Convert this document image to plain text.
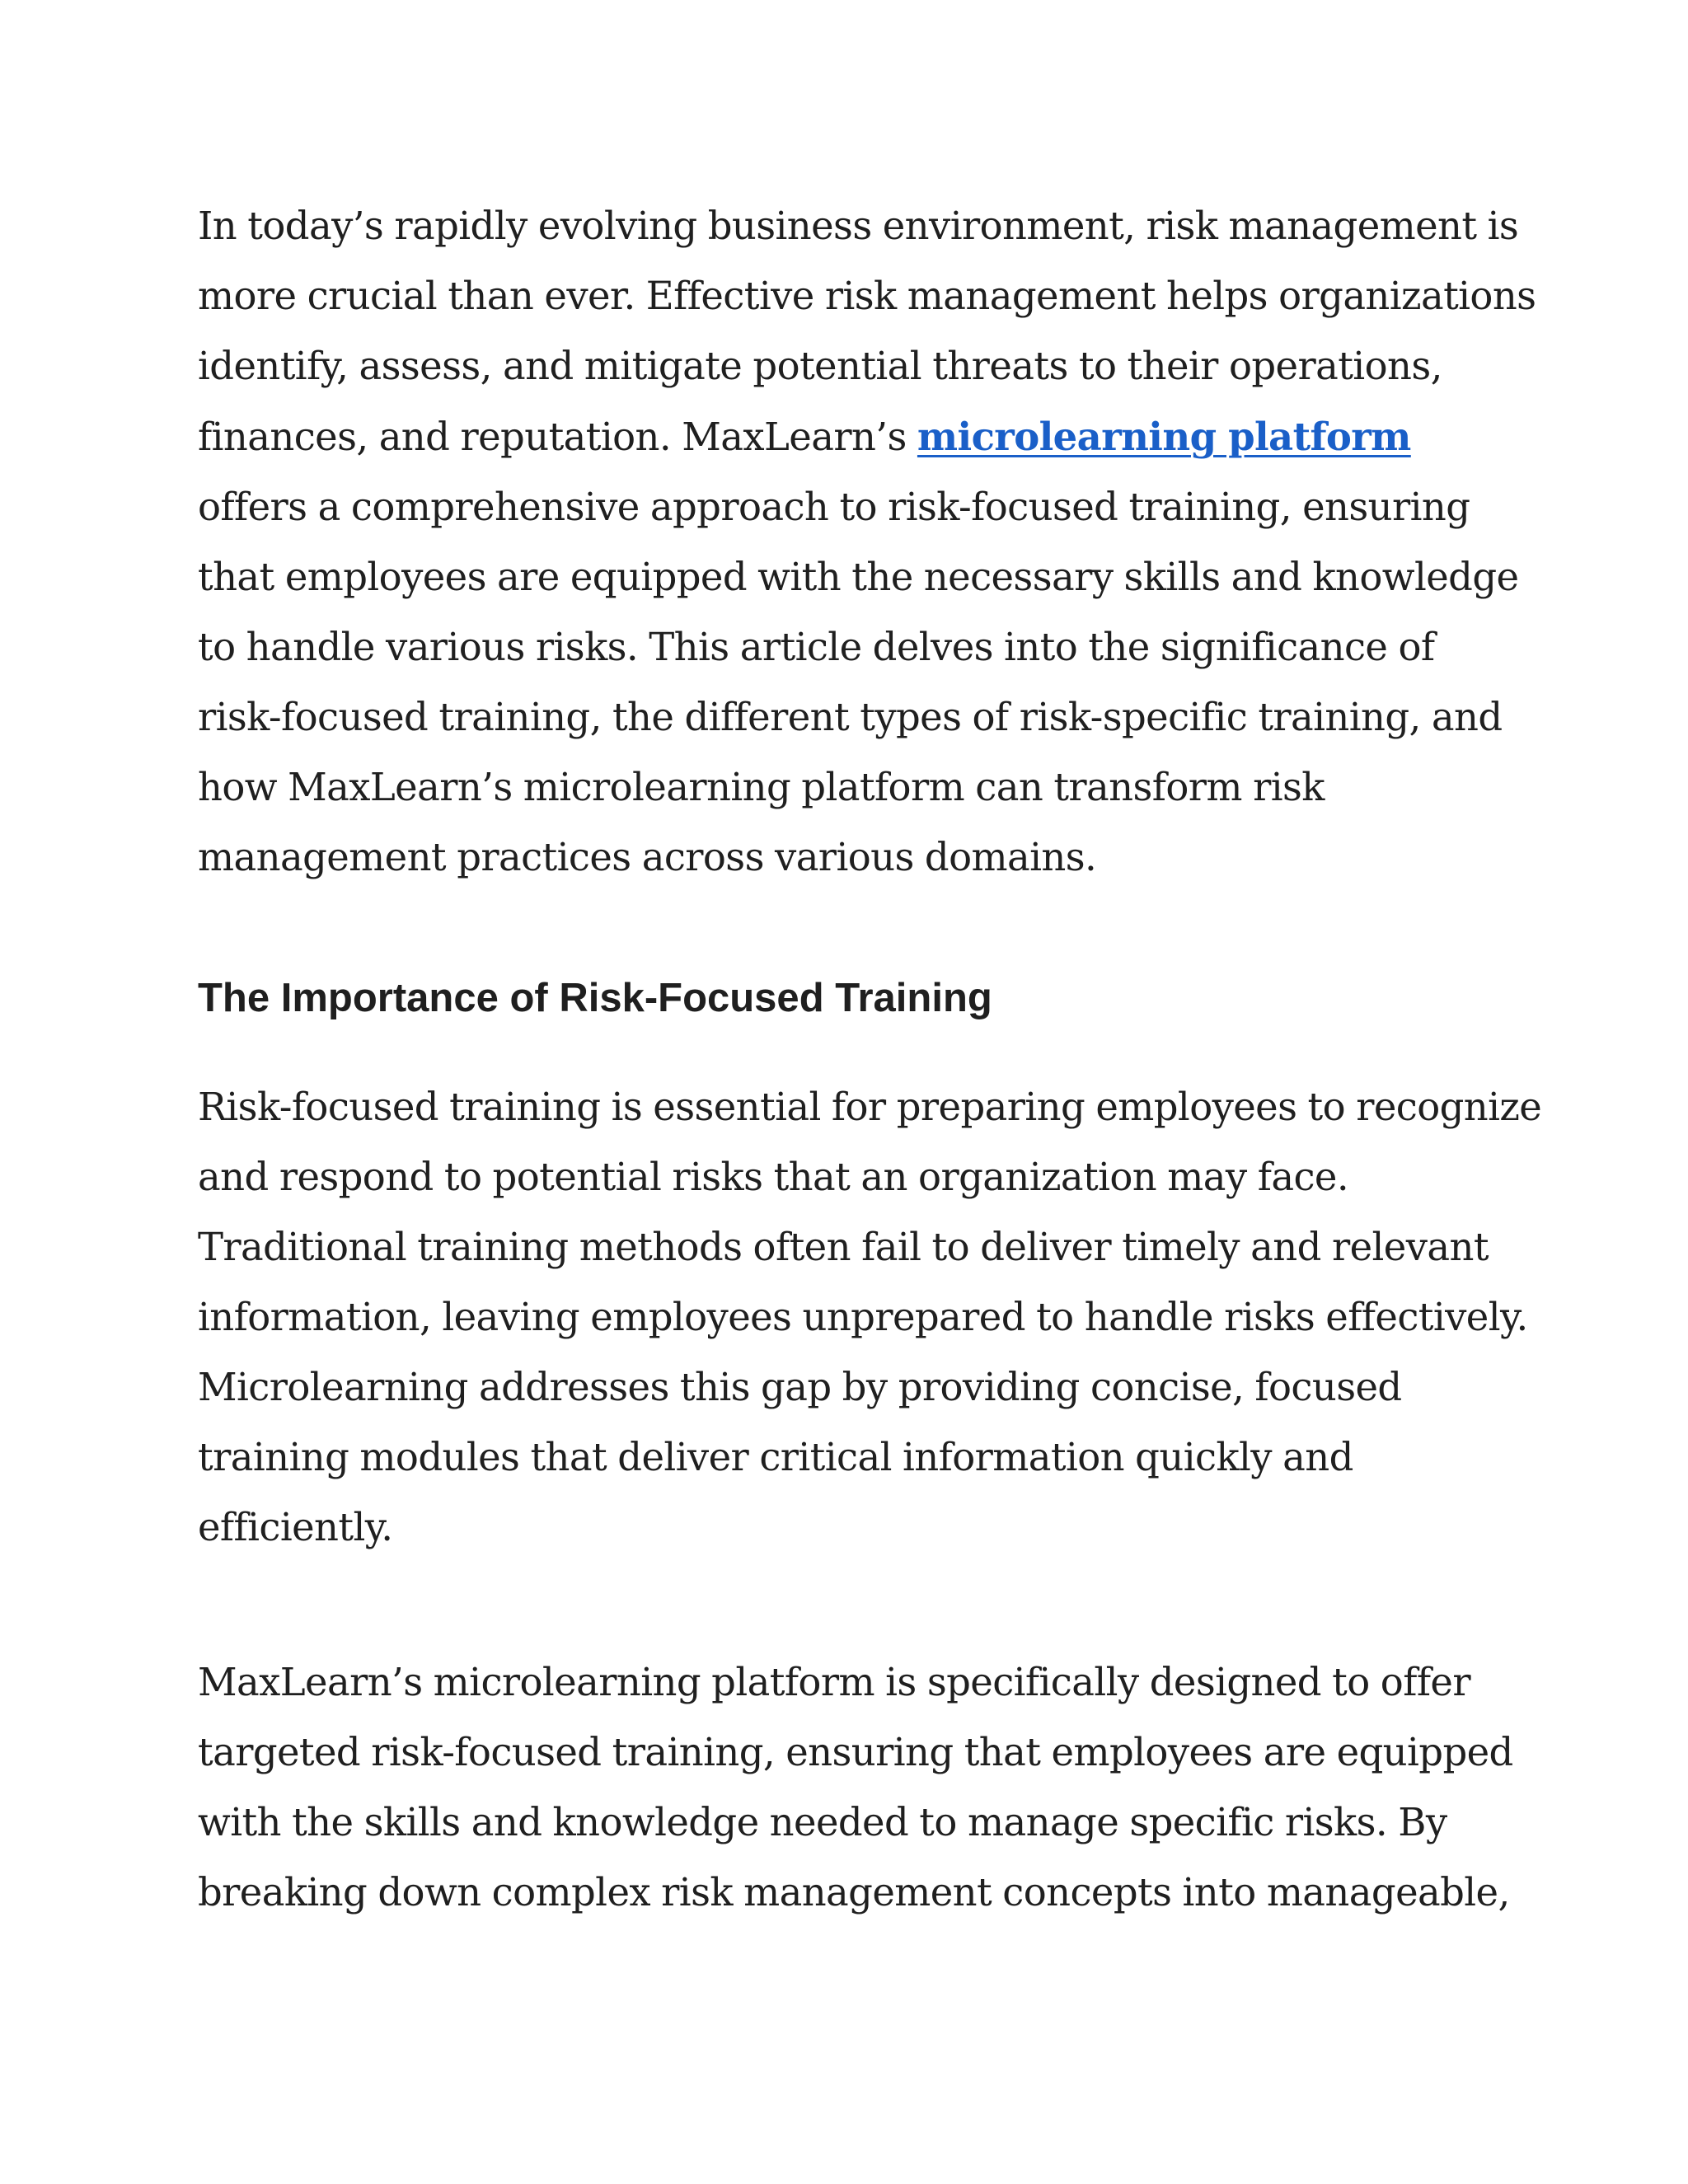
In today’s rapidly evolving business environment, risk management is
more crucial than ever. Effective risk management helps organizations
identify, assess, and mitigate potential threats to their operations,
finances, and reputation. MaxLearn’s microlearning platform
offers a comprehensive approach to risk-focused training, ensuring
that employees are equipped with the necessary skills and knowledge
to handle various risks. This article delves into the significance of
risk-focused training, the different types of risk-specific training, and
how MaxLearn’s microlearning platform can transform risk
management practices across various domains.

The Importance of Risk-Focused Training

Risk-focused training is essential for preparing employees to recognize
and respond to potential risks that an organization may face.
Traditional training methods often fail to deliver timely and relevant
information, leaving employees unprepared to handle risks effectively.
Microlearning addresses this gap by providing concise, focused
training modules that deliver critical information quickly and
efficiently.

MaxLearn’s microlearning platform is specifically designed to offer
targeted risk-focused training, ensuring that employees are equipped
with the skills and knowledge needed to manage specific risks. By
breaking down complex risk management concepts into manageable,
